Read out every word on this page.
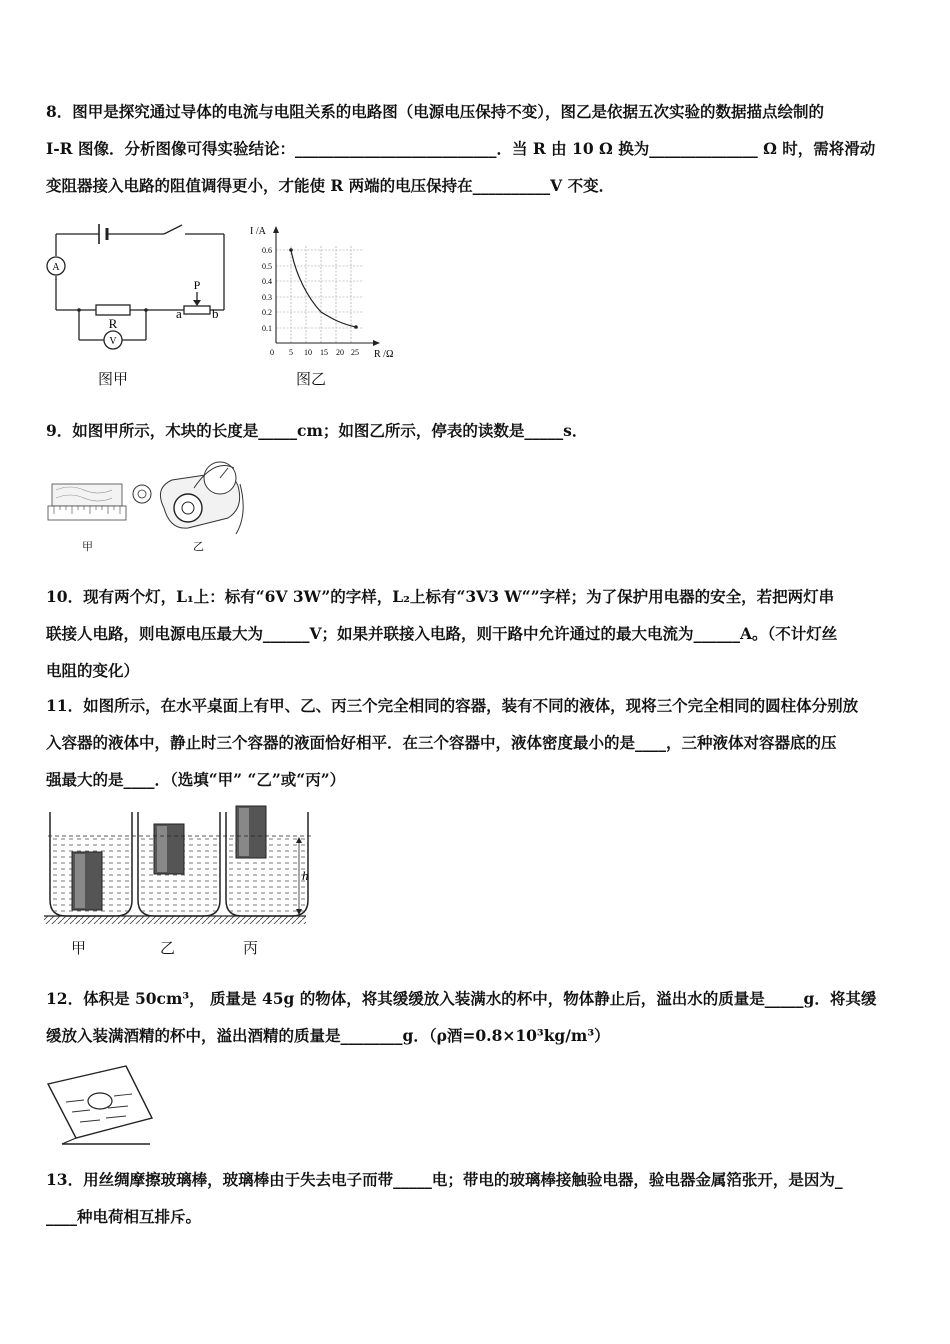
8．图甲是探究通过导体的电流与电阻关系的电路图（电源电压保持不变），图乙是依据五次实验的数据描点绘制的

I-R 图像．分析图像可得实验结论：__________________________．当 R 由 10 Ω 换为______________ Ω 时，需将滑动

变阻器接入电路的阻值调得更小，才能使 R 两端的电压保持在__________V 不变．

A
V
R
P
a b
图甲
I /A
R /Ω
0.6
0.5
0.4
0.3
0.2
0.1
0 5 10 15 20 25
图乙

9．如图甲所示，木块的长度是_____cm；如图乙所示，停表的读数是_____s．

甲	乙

10．现有两个灯，L₁上：标有“6V 3W”的字样，L₂上标有“3V3 W“”字样；为了保护用电器的安全，若把两灯串

联接人电路，则电源电压最大为______V；如果并联接入电路，则干路中允许通过的最大电流为______A。（不计灯丝

电阻的变化）

11．如图所示，在水平桌面上有甲、乙、丙三个完全相同的容器，装有不同的液体，现将三个完全相同的圆柱体分别放

入容器的液体中，静止时三个容器的液面恰好相平．在三个容器中，液体密度最小的是____，三种液体对容器底的压

强最大的是____．（选填“甲” “乙”或“丙”）

h
甲	乙	丙

12．体积是 50cm³， 质量是 45g 的物体，将其缓缓放入装满水的杯中，物体静止后，溢出水的质量是_____g．将其缓

缓放入装满酒精的杯中，溢出酒精的质量是________g．（ρ酒=0.8×10³kg/m³）

13．用丝绸摩擦玻璃棒，玻璃棒由于失去电子而带_____电；带电的玻璃棒接触验电器，验电器金属箔张开，是因为_

____种电荷相互排斥。
